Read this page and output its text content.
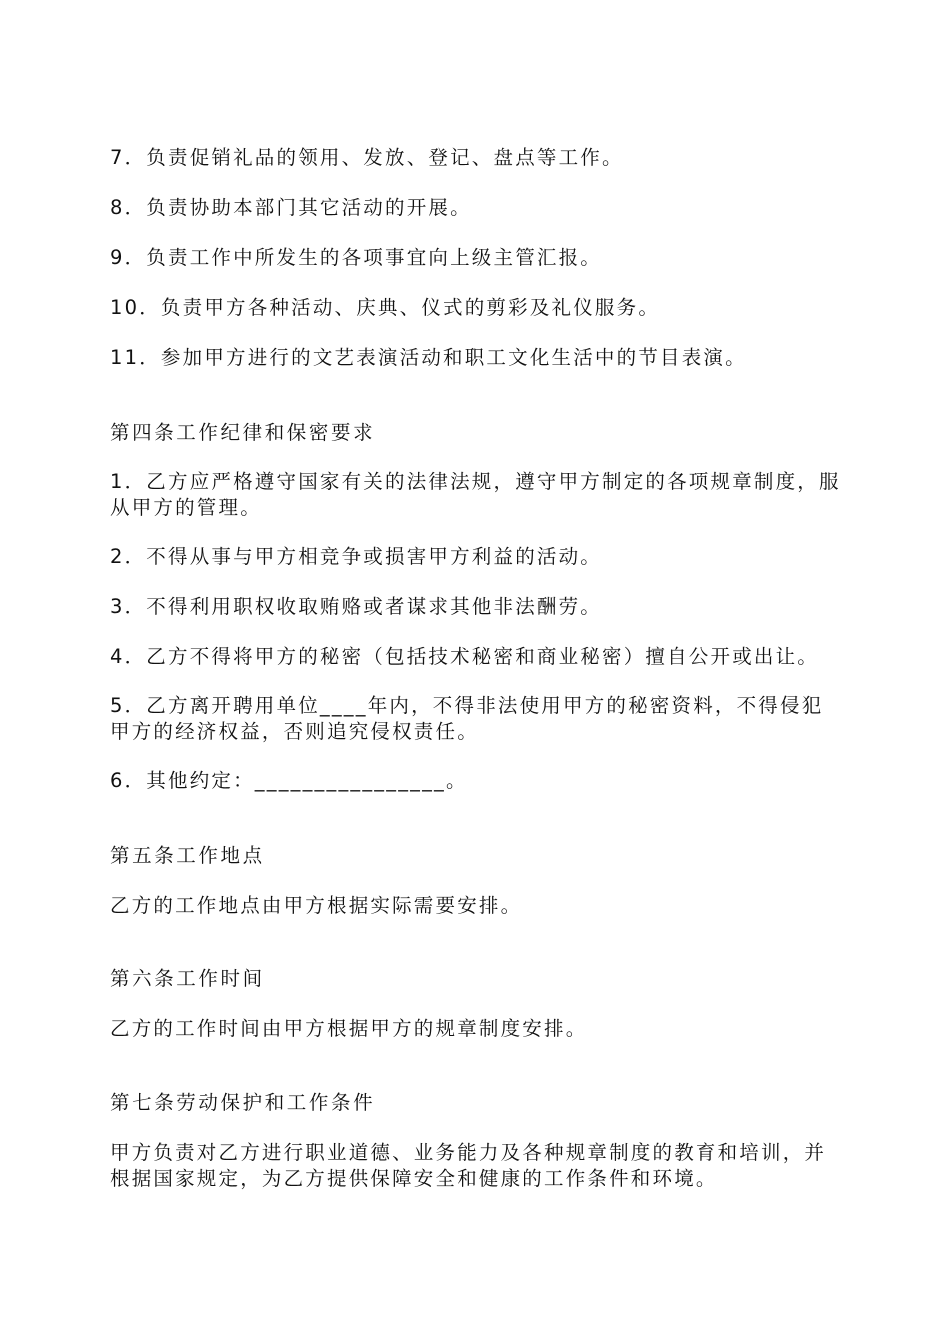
7．负责促销礼品的领用、发放、登记、盘点等工作。

8．负责协助本部门其它活动的开展。

9．负责工作中所发生的各项事宜向上级主管汇报。

10．负责甲方各种活动、庆典、仪式的剪彩及礼仪服务。

11．参加甲方进行的文艺表演活动和职工文化生活中的节目表演。

第四条工作纪律和保密要求

1．乙方应严格遵守国家有关的法律法规，遵守甲方制定的各项规章制度，服从甲方的管理。

2．不得从事与甲方相竞争或损害甲方利益的活动。

3．不得利用职权收取贿赂或者谋求其他非法酬劳。

4．乙方不得将甲方的秘密（包括技术秘密和商业秘密）擅自公开或出让。

5．乙方离开聘用单位____年内，不得非法使用甲方的秘密资料，不得侵犯甲方的经济权益，否则追究侵权责任。

6．其他约定：________________。

第五条工作地点

乙方的工作地点由甲方根据实际需要安排。

第六条工作时间

乙方的工作时间由甲方根据甲方的规章制度安排。

第七条劳动保护和工作条件

甲方负责对乙方进行职业道德、业务能力及各种规章制度的教育和培训，并根据国家规定，为乙方提供保障安全和健康的工作条件和环境。
